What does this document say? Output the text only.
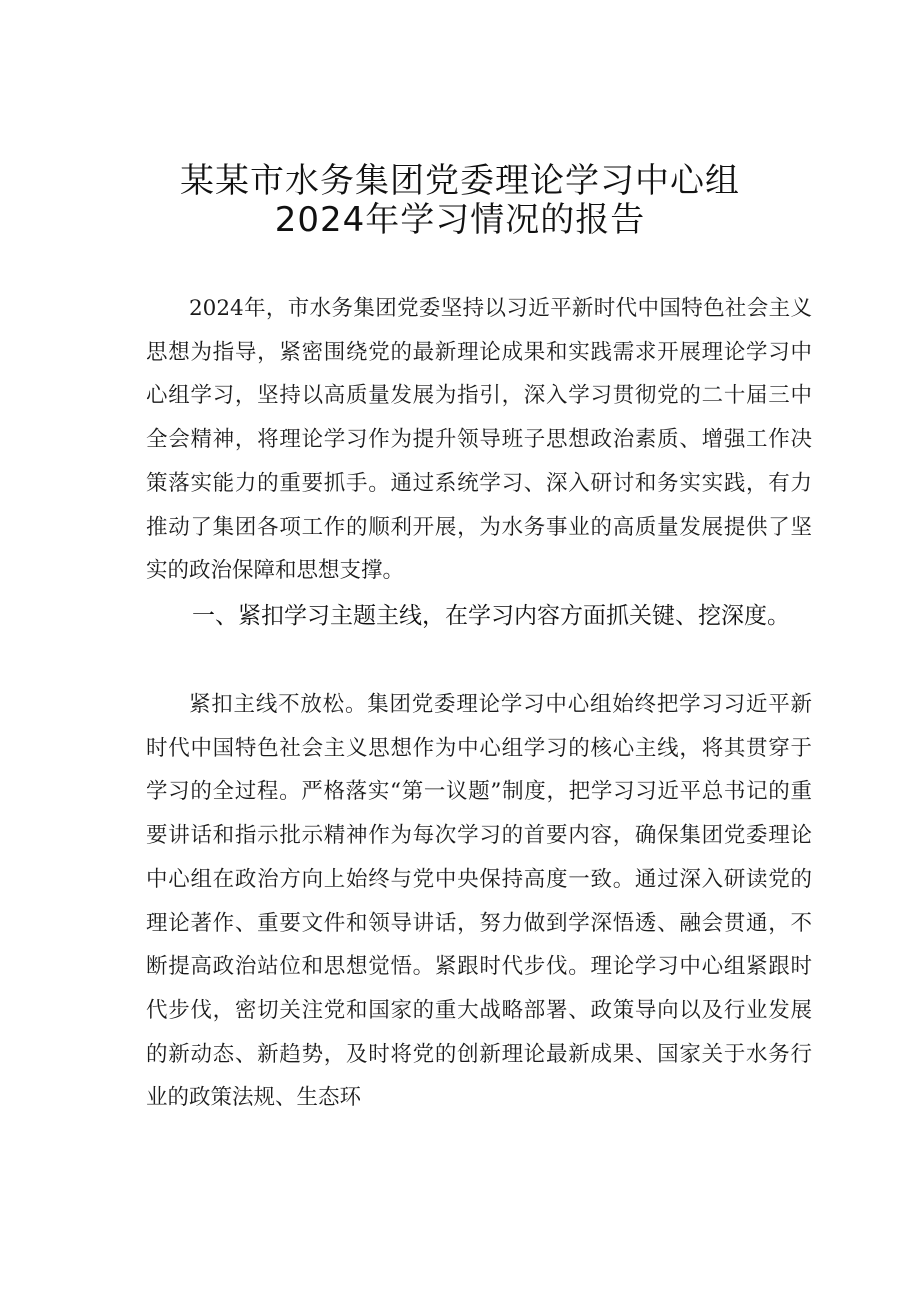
某某市水务集团党委理论学习中心组
2024年学习情况的报告

2024年，市水务集团党委坚持以习近平新时代中国特色社会主义思想为指导，紧密围绕党的最新理论成果和实践需求开展理论学习中心组学习，坚持以高质量发展为指引，深入学习贯彻党的二十届三中全会精神，将理论学习作为提升领导班子思想政治素质、增强工作决策落实能力的重要抓手。通过系统学习、深入研讨和务实实践，有力推动了集团各项工作的顺利开展，为水务事业的高质量发展提供了坚实的政治保障和思想支撑。

一、紧扣学习主题主线，在学习内容方面抓关键、挖深度。

紧扣主线不放松。集团党委理论学习中心组始终把学习习近平新时代中国特色社会主义思想作为中心组学习的核心主线，将其贯穿于学习的全过程。严格落实“第一议题”制度，把学习习近平总书记的重要讲话和指示批示精神作为每次学习的首要内容，确保集团党委理论中心组在政治方向上始终与党中央保持高度一致。通过深入研读党的理论著作、重要文件和领导讲话，努力做到学深悟透、融会贯通，不断提高政治站位和思想觉悟。紧跟时代步伐。理论学习中心组紧跟时代步伐，密切关注党和国家的重大战略部署、政策导向以及行业发展的新动态、新趋势，及时将党的创新理论最新成果、国家关于水务行业的政策法规、生态环
